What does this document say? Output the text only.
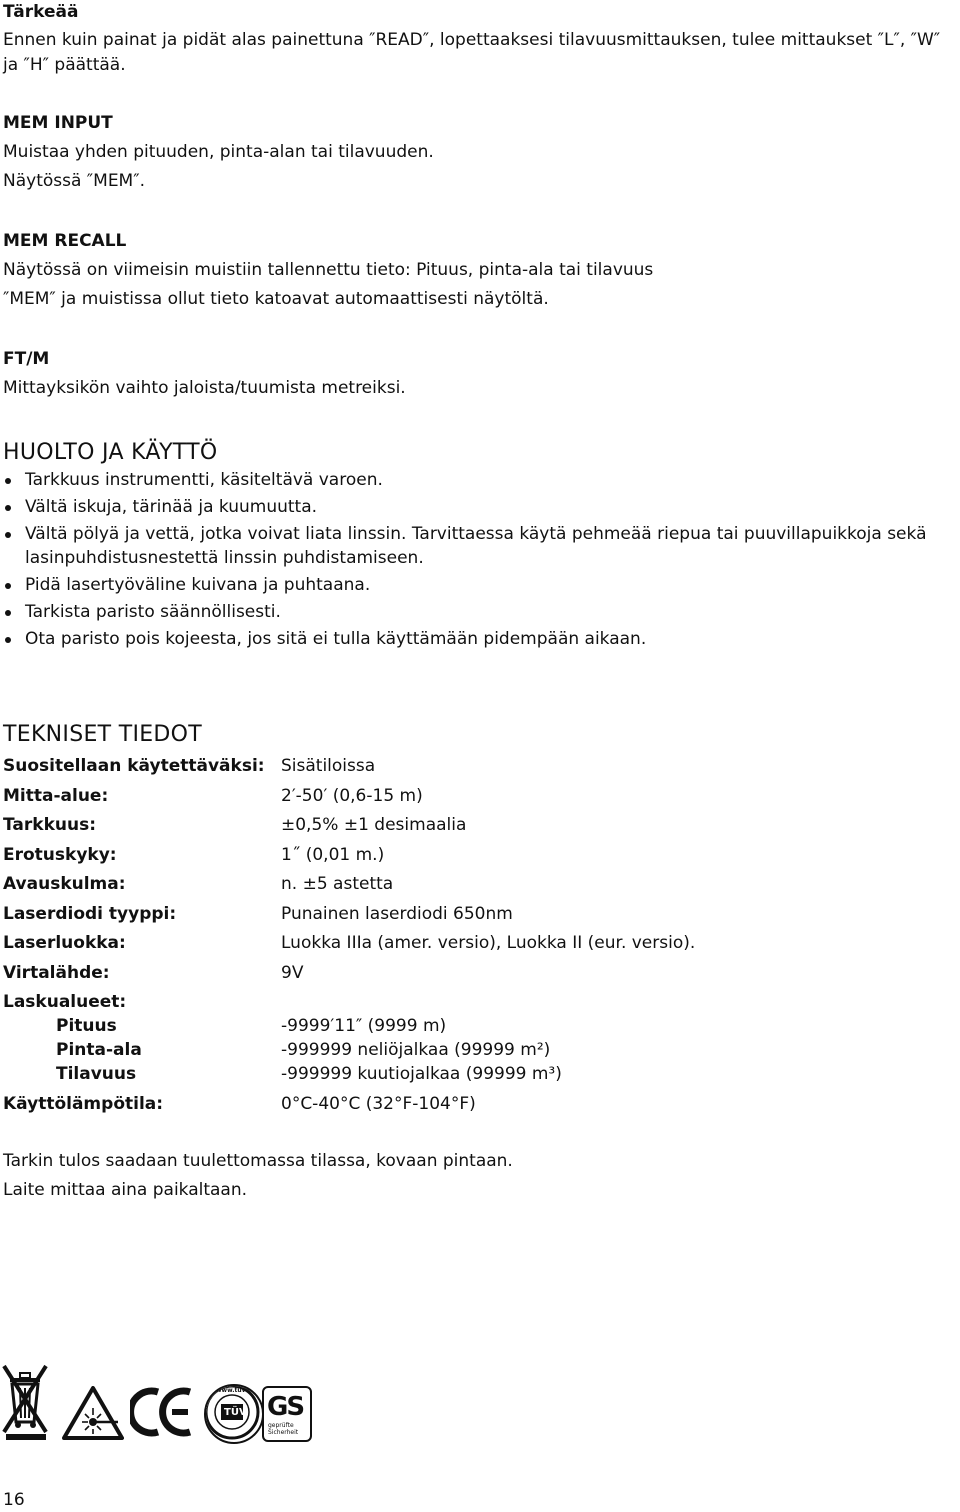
Tärkeää

Ennen kuin painat ja pidät alas painettuna ″READ″, lopettaaksesi tilavuusmittauksen, tulee mittaukset ″L″, ″W″ ja ″H″ päättää.

MEM INPUT

Muistaa yhden pituuden, pinta-alan tai tilavuuden.

Näytössä ″MEM″.

MEM RECALL

Näytössä on viimeisin muistiin tallennettu tieto: Pituus, pinta-ala tai tilavuus

″MEM″ ja muistissa ollut tieto katoavat automaattisesti näytöltä.

FT/M

Mittayksikön vaihto jaloista/tuumista metreiksi.

HUOLTO JA KÄYTTÖ

Tarkkuus instrumentti, käsiteltävä varoen.
Vältä iskuja, tärinää ja kuumuutta.
Vältä pölyä ja vettä, jotka voivat liata linssin. Tarvittaessa käytä pehmeää riepua tai puuvillapuikkoja sekä lasinpuhdistusnestettä linssin puhdistamiseen.
Pidä lasertyöväline kuivana ja puhtaana.
Tarkista paristo säännöllisesti.
Ota paristo pois kojeesta, jos sitä ei tulla käyttämään pidempään aikaan.

TEKNISET TIEDOT

Suositellaan käytettäväksi: Sisätiloissa
Mitta-alue:	2′-50′ (0,6-15 m)
Tarkkuus:	±0,5% ±1 desimaalia
Erotuskyky:	1˝ (0,01 m.)
Avauskulma:	n. ±5 astetta
Laserdiodi tyyppi:	Punainen laserdiodi 650nm
Laserluokka:	Luokka IIIa (amer. versio), Luokka II (eur. versio).
Virtalähde:	9V
Laskualueet:
Pituus	-9999′11″ (9999 m)
Pinta-ala	-999999 neliöjalkaa (99999 m²)
Tilavuus	-999999 kuutiojalkaa (99999 m³)
Käyttölämpötila:	0°C-40°C (32°F-104°F)

Tarkin tulos saadaan tuulettomassa tilassa, kovaan pintaan.

Laite mittaa aina paikaltaan.

www.tuv.com
TÜV GS
geprüfte
Sicherheit
16
